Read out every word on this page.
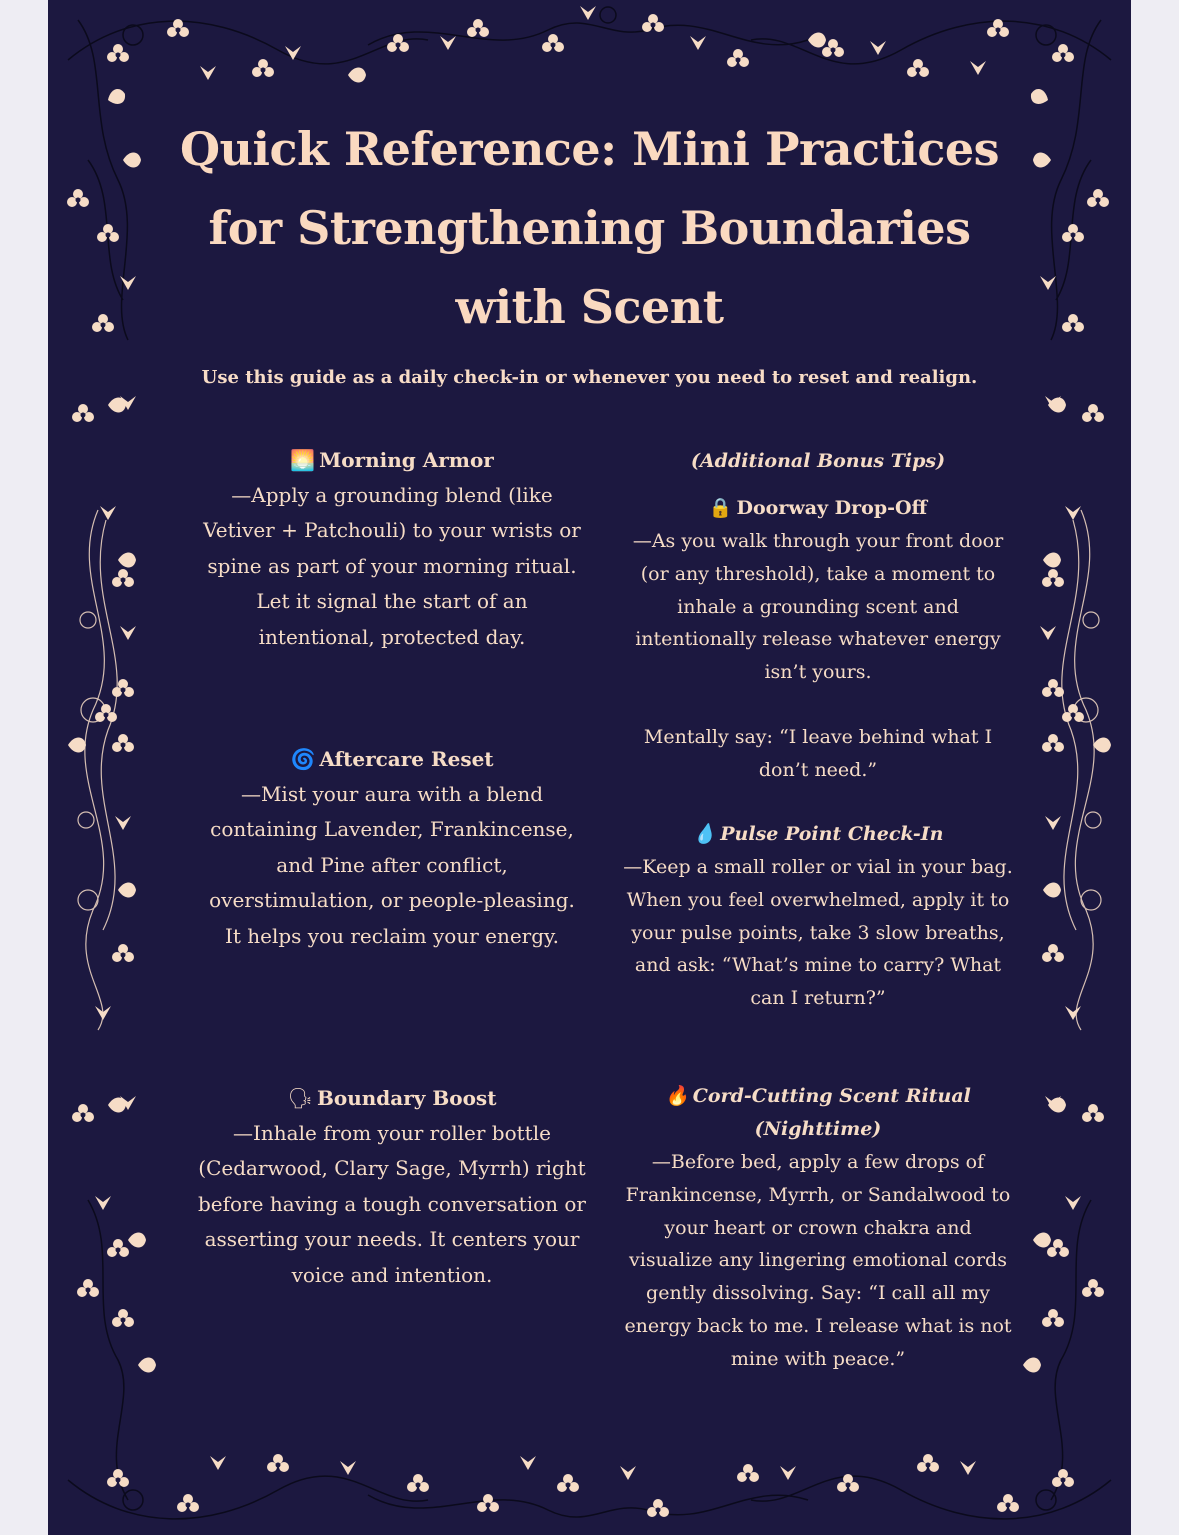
Quick Reference: Mini Practices for Strengthening Boundaries with Scent

Use this guide as a daily check-in or whenever you need to reset and realign.

🌅 Morning Armor
—Apply a grounding blend (like Vetiver + Patchouli) to your wrists or spine as part of your morning ritual. Let it signal the start of an intentional, protected day.
🌀 Aftercare Reset
—Mist your aura with a blend containing Lavender, Frankincense, and Pine after conflict, overstimulation, or people-pleasing. It helps you reclaim your energy.
🗣 Boundary Boost
—Inhale from your roller bottle (Cedarwood, Clary Sage, Myrrh) right before having a tough conversation or asserting your needs. It centers your voice and intention.
(Additional Bonus Tips)
🔒 Doorway Drop-Off
—As you walk through your front door (or any threshold), take a moment to inhale a grounding scent and intentionally release whatever energy isn’t yours.
Mentally say: “I leave behind what I don’t need.”
💧 Pulse Point Check-In
—Keep a small roller or vial in your bag. When you feel overwhelmed, apply it to your pulse points, take 3 slow breaths, and ask: “What’s mine to carry? What can I return?”
🔥 Cord-Cutting Scent Ritual (Nighttime)
—Before bed, apply a few drops of Frankincense, Myrrh, or Sandalwood to your heart or crown chakra and visualize any lingering emotional cords gently dissolving. Say: “I call all my energy back to me. I release what is not mine with peace.”
